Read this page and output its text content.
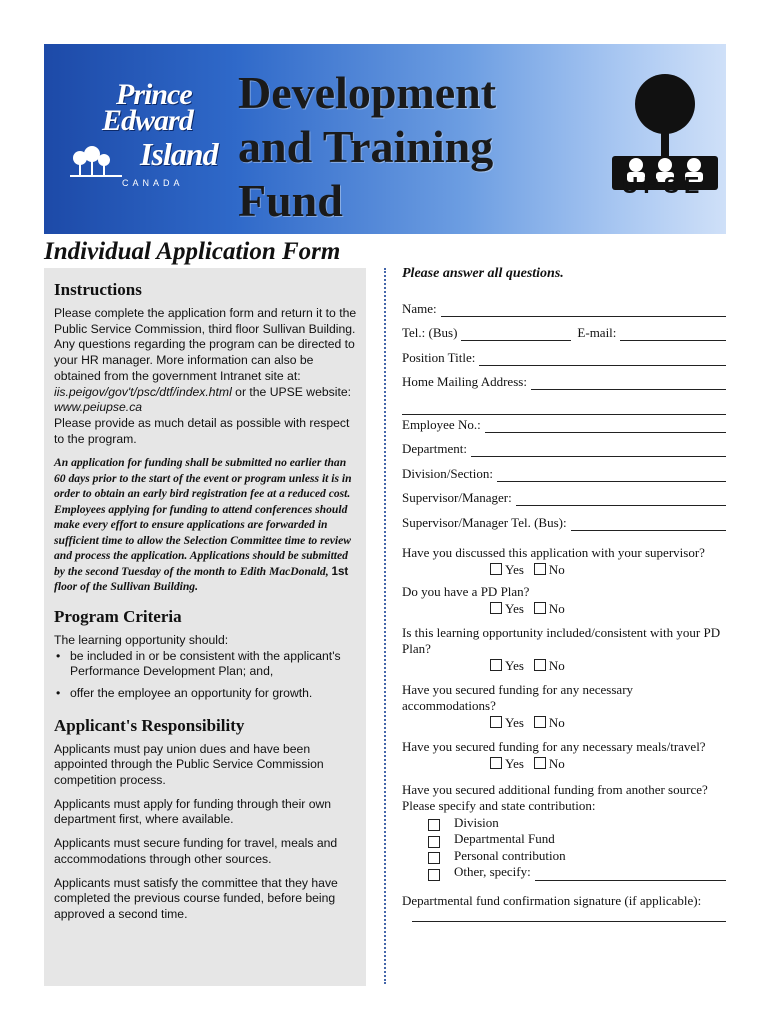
Prince
Edward
Island
CANADA
Development
and Training
Fund	UPSE
Individual Application Form
Instructions

Please complete the application form and return it to the Public Service Commission, third floor Sullivan Building. Any questions regarding the program can be directed to your HR manager. More information can also be obtained from the government Intranet site at: iis.peigov/gov't/psc/dtf/index.html or the UPSE website: www.peiupse.ca

Please provide as much detail as possible with respect to the program.

An application for funding shall be submitted no earlier than 60 days prior to the start of the event or program unless it is in order to obtain an early bird registration fee at a reduced cost. Employees applying for funding to attend conferences should make every effort to ensure applications are forwarded in sufficient time to allow the Selection Committee time to review and process the application. Applications should be submitted by the second Tuesday of the month to Edith MacDonald, 1st floor of the Sullivan Building.

Program Criteria

The learning opportunity should:

• be included in or be consistent with the applicant's Performance Development Plan; and,
• offer the employee an opportunity for growth.
Applicant's Responsibility

Applicants must pay union dues and have been appointed through the Public Service Commission competition process.

Applicants must apply for funding through their own department first, where available.

Applicants must secure funding for travel, meals and accommodations through other sources.

Applicants must satisfy the committee that they have completed the previous course funded, before being approved a second time.

Please answer all questions.
Name:
Tel.: (Bus)	E-mail:
Position Title:
Home Mailing Address:
Employee No.:
Department:
Division/Section:
Supervisor/Manager:
Supervisor/Manager Tel. (Bus):
Have you discussed this application with your supervisor?
Yes No
Do you have a PD Plan?
Yes No
Is this learning opportunity included/consistent with your PD Plan?
Yes No
Have you secured funding for any necessary accommodations?
Yes No
Have you secured funding for any necessary meals/travel?
Yes No
Have you secured additional funding from another source? Please specify and state contribution:
Division
Departmental Fund
Personal contribution
Other, specify:
Departmental fund confirmation signature (if applicable):
